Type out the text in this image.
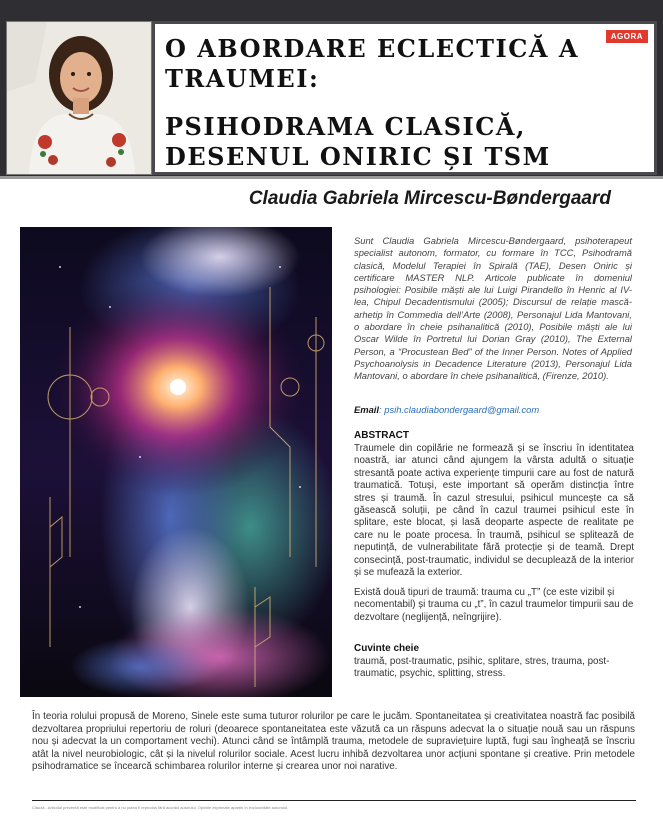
AGORA
O ABORDARE ECLECTICĂ A
TRAUMEI:
PSIHODRAMA CLASICĂ,
DESENUL ONIRIC ȘI TSM
Claudia Gabriela Mircescu-Bøndergaard
Sunt Claudia Gabriela Mircescu-Bøndergaard, psihoterapeut specialist autonom, formator, cu formare în TCC, Psihodramă clasică, Modelul Terapiei în Spirală (TAE), Desen Oniric și certificare MASTER NLP. Articole publicate în domeniul psihologiei: Posibile măști ale lui Luigi Pirandello în Henric al IV-lea, Chipul Decadentismului (2005); Discursul de relație mască-arhetip în Commedia dell’Arte (2008), Personajul Lida Mantovani, o abordare în cheie psihanalitică (2010), Posibile măști ale lui Oscar Wilde în Portretul lui Dorian Gray (2010), The External Person, a “Procustean Bed” of the Inner Person. Notes of Applied Psychoanolysis in Decadence Literature (2013), Personajul Lida Mantovani, o abordare în cheie psihanalitică, (Firenze, 2010).
Email: psih.claudiabondergaard@gmail.com
ABSTRACT
Traumele din copilărie ne formează și se înscriu în identitatea noastră, iar atunci când ajungem la vârsta adultă o situație stresantă poate activa experiențe timpurii care au fost de natură traumatică. Totuși, este important să operăm distincția între stres și traumă. În cazul stresului, psihicul muncește ca să găsească soluții, pe când în cazul traumei psihicul este în splitare, este blocat, și lasă deoparte aspecte de realitate pe care nu le poate procesa. În traumă, psihicul se splitează de neputință, de vulnerabilitate fără protecție și de teamă. Drept consecință, post-traumatic, individul se decuplează de la interior și se mufează la exterior.
Există două tipuri de traumă: trauma cu „T” (ce este vizibil și necomentabil) și trauma cu „t”, în cazul traumelor timpurii sau de dezvoltare (neglijență, neîngrijire).
Cuvinte cheie
traumă, post-traumatic, psihic, splitare, stres, trauma, post-traumatic, psychic, splitting, stress.
În teoria rolului propusă de Moreno, Sinele este suma tuturor rolurilor pe care le jucăm. Spontaneitatea și creativitatea noastră fac posibilă dezvoltarea propriului repertoriu de roluri (deoarece spontaneitatea este văzută ca un răspuns adecvat la o situație nouă sau un răspuns nou și adecvat la un comportament vechi). Atunci când se întâmplă trauma, metodele de supraviețuire luptă, fugi sau îngheață se înscriu atât la nivel neurobiologic, cât și la nivelul rolurilor sociale. Acest lucru inhibă dezvoltarea unor acțiuni spontane și creative. Prin metodele psihodramatice se încearcă schimbarea rolurilor interne și crearea unor noi narative.
Clauză - Articolul prezentă este modificat pentru a nu putea fi reprodus fără acordul autorului. Opiniile exprimate aparțin în exclusivitate autorului.
